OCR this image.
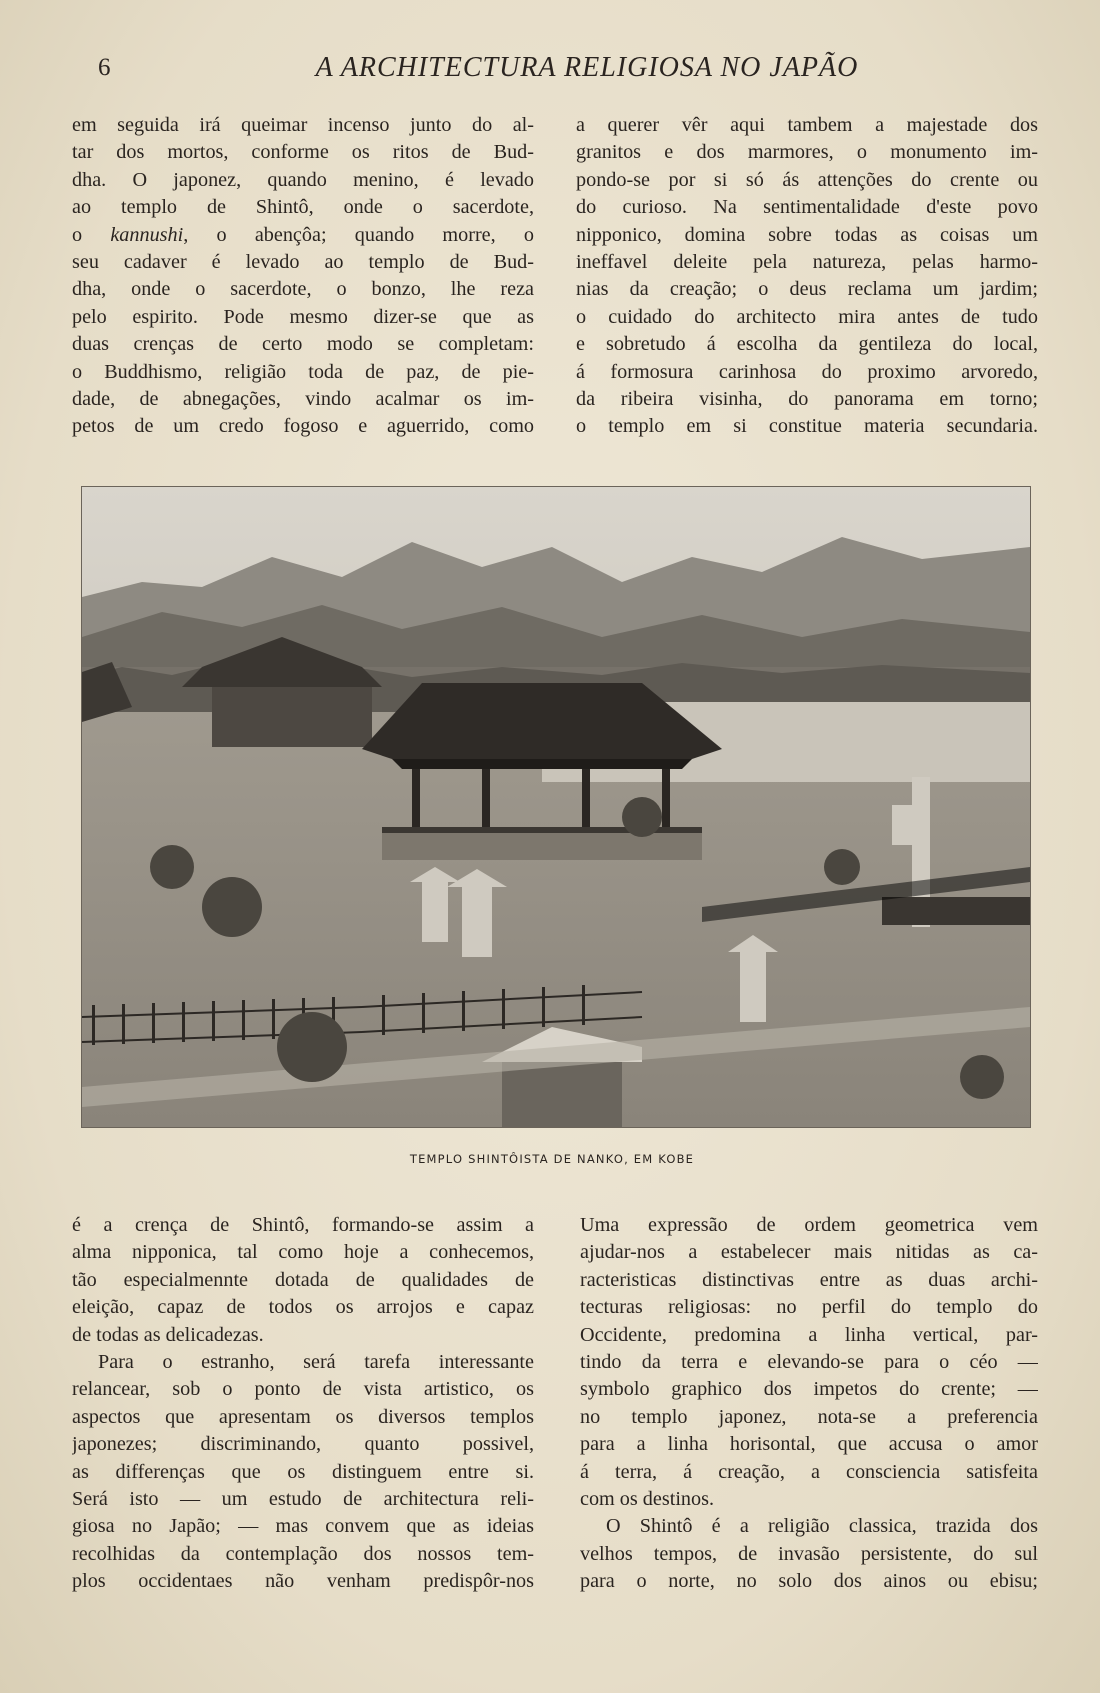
6	A ARCHITECTURA RELIGIOSA NO JAPÃO
em seguida irá queimar incenso junto do al-
tar dos mortos, conforme os ritos de Bud-
dha. O japonez, quando menino, é levado
ao templo de Shintô, onde o sacerdote,
o kannushi, o abençôa; quando morre, o
seu cadaver é levado ao templo de Bud-
dha, onde o sacerdote, o bonzo, lhe reza
pelo espirito. Pode mesmo dizer-se que as
duas crenças de certo modo se completam:
o Buddhismo, religião toda de paz, de pie-
dade, de abnegações, vindo acalmar os im-
petos de um credo fogoso e aguerrido, como
a querer vêr aqui tambem a majestade dos
granitos e dos marmores, o monumento im-
pondo-se por si só ás attenções do crente ou
do curioso. Na sentimentalidade d'este povo
nipponico, domina sobre todas as coisas um
ineffavel deleite pela natureza, pelas harmo-
nias da creação; o deus reclama um jardim;
o cuidado do architecto mira antes de tudo
e sobretudo á escolha da gentileza do local,
á formosura carinhosa do proximo arvoredo,
da ribeira visinha, do panorama em torno;
o templo em si constitue materia secundaria.
TEMPLO SHINTÔISTA DE NANKO, EM KOBE
é a crença de Shintô, formando-se assim a
alma nipponica, tal como hoje a conhecemos,
tão especialmennte dotada de qualidades de
eleição, capaz de todos os arrojos e capaz
de todas as delicadezas.
Para o estranho, será tarefa interessante
relancear, sob o ponto de vista artistico, os
aspectos que apresentam os diversos templos
japonezes; discriminando, quanto possivel,
as differenças que os distinguem entre si.
Será isto — um estudo de architectura reli-
giosa no Japão; — mas convem que as ideias
recolhidas da contemplação dos nossos tem-
plos occidentaes não venham predispôr-nos
Uma expressão de ordem geometrica vem
ajudar-nos a estabelecer mais nitidas as ca-
racteristicas distinctivas entre as duas archi-
tecturas religiosas: no perfil do templo do
Occidente, predomina a linha vertical, par-
tindo da terra e elevando-se para o céo —
symbolo graphico dos impetos do crente; —
no templo japonez, nota-se a preferencia
para a linha horisontal, que accusa o amor
á terra, á creação, a consciencia satisfeita
com os destinos.
O Shintô é a religião classica, trazida dos
velhos tempos, de invasão persistente, do sul
para o norte, no solo dos ainos ou ebisu;
